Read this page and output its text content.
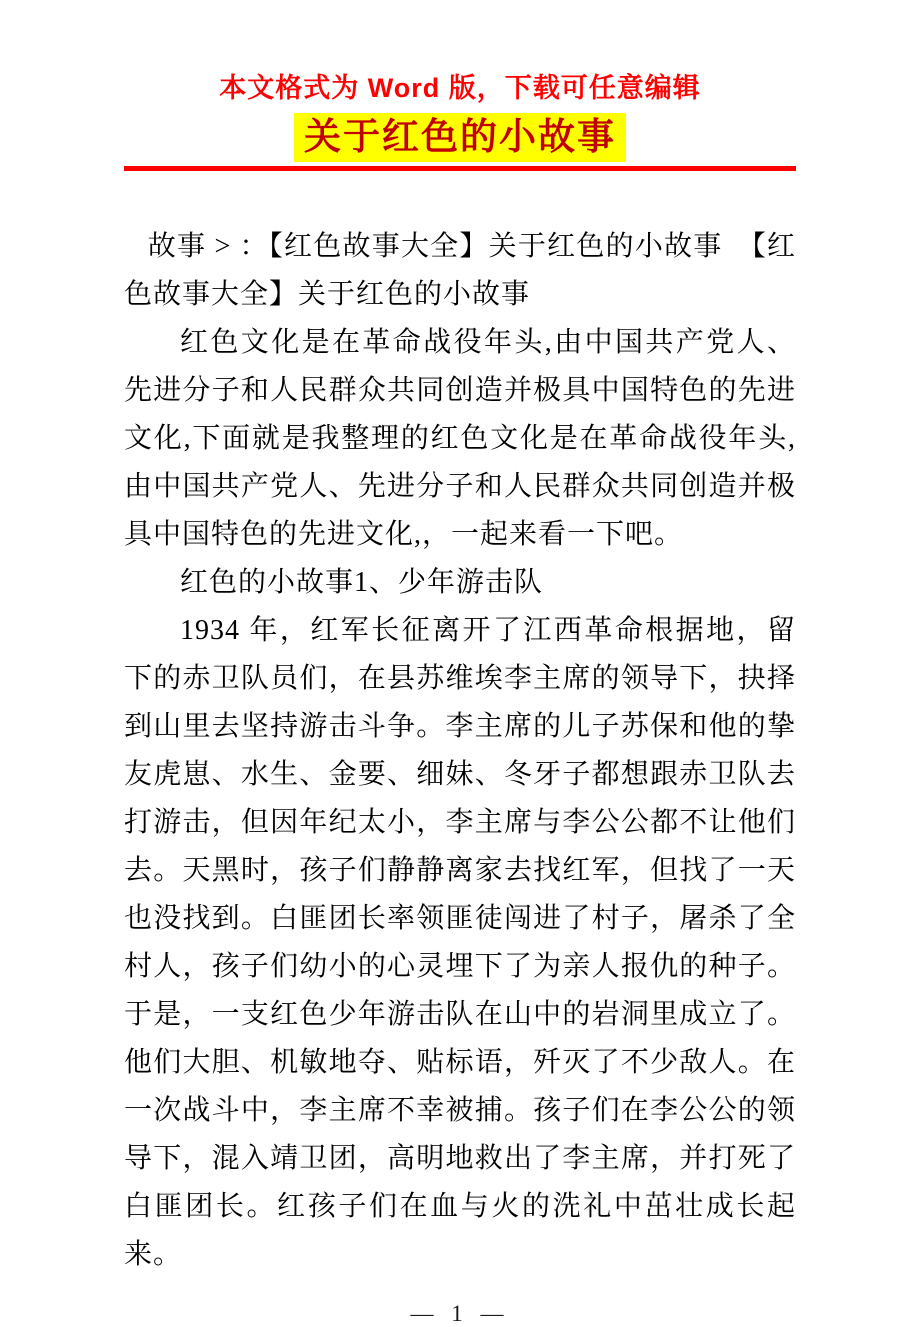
本文格式为 Word 版，下载可任意编辑
关于红色的小故事

故事 > ：【红色故事大全】关于红色的小故事　【红色故事大全】关于红色的小故事

红色文化是在革命战役年头,由中国共产党人、先进分子和人民群众共同创造并极具中国特色的先进文化,下面就是我整理的红色文化是在革命战役年头,由中国共产党人、先进分子和人民群众共同创造并极具中国特色的先进文化,，一起来看一下吧。

红色的小故事1、少年游击队

1934 年，红军长征离开了江西革命根据地，留下的赤卫队员们，在县苏维埃李主席的领导下，抉择到山里去坚持游击斗争。李主席的儿子苏保和他的挚友虎崽、水生、金要、细妹、冬牙子都想跟赤卫队去打游击，但因年纪太小，李主席与李公公都不让他们去。天黑时，孩子们静静离家去找红军，但找了一天也没找到。白匪团长率领匪徒闯进了村子，屠杀了全村人，孩子们幼小的心灵埋下了为亲人报仇的种子。于是，一支红色少年游击队在山中的岩洞里成立了。他们大胆、机敏地夺、贴标语，歼灭了不少敌人。在一次战斗中，李主席不幸被捕。孩子们在李公公的领导下，混入靖卫团，高明地救出了李主席，并打死了白匪团长。红孩子们在血与火的洗礼中茁壮成长起来。

— 1 —
